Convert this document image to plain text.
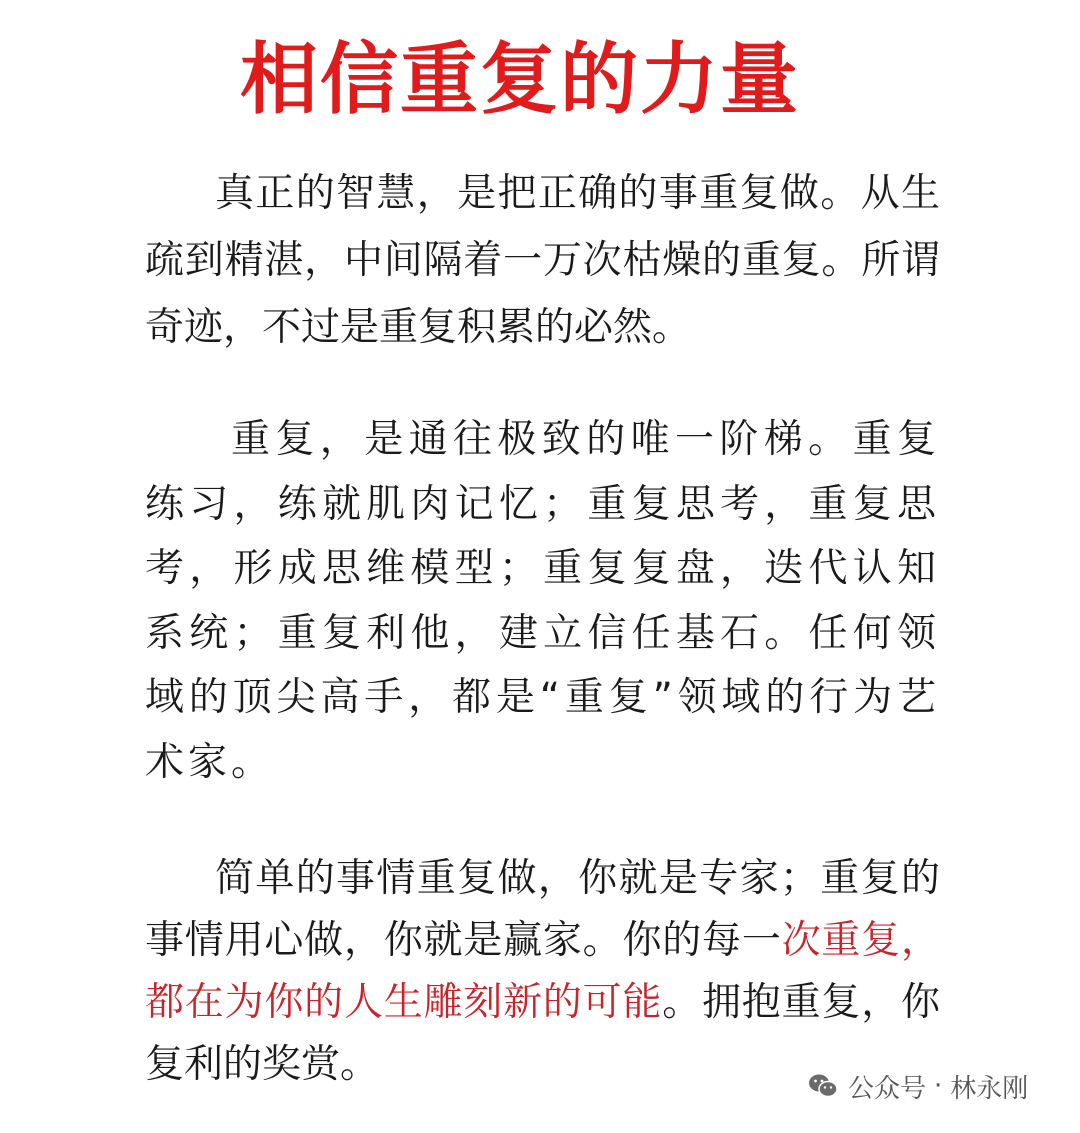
相信重复的力量

真正的智慧，是把正确的事重复做。从生疏到精湛，中间隔着一万次枯燥的重复。所谓奇迹，不过是重复积累的必然。

重复，是通往极致的唯一阶梯。重复练习，练就肌肉记忆；重复思考，重复思考，形成思维模型；重复复盘，迭代认知系统；重复利他，建立信任基石。任何领域的顶尖高手，都是“重复”领域的行为艺术家。

简单的事情重复做，你就是专家；重复的事情用心做，你就是赢家。你的每一次重复，都在为你的人生雕刻新的可能。拥抱重复，你复利的奖赏。

公众号 · 林永刚
